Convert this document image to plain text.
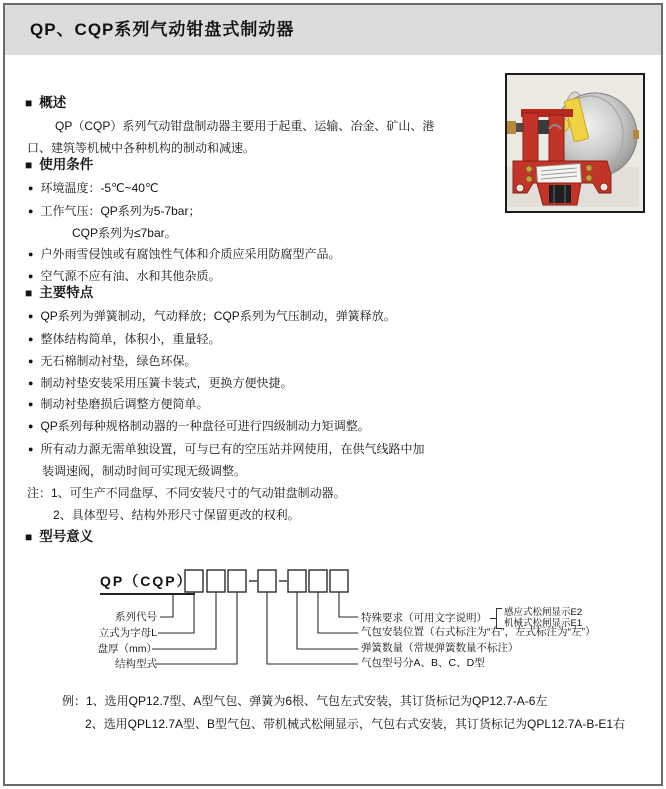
QP、CQP系列气动钳盘式制动器
■ 概述
QP（CQP）系列气动钳盘制动器主要用于起重、运输、冶金、矿山、港
口、建筑等机械中各种机构的制动和减速。
■ 使用条件
● 环境温度：-5℃~40℃
● 工作气压：QP系列为5-7bar；
CQP系列为≤7bar。
● 户外雨雪侵蚀或有腐蚀性气体和介质应采用防腐型产品。
● 空气源不应有油、水和其他杂质。
■ 主要特点
● QP系列为弹簧制动，气动释放；CQP系列为气压制动，弹簧释放。
● 整体结构简单，体积小，重量轻。
● 无石棉制动衬垫，绿色环保。
● 制动衬垫安装采用压簧卡装式，更换方便快捷。
● 制动衬垫磨损后调整方便简单。
● QP系列每种规格制动器的一种盘径可进行四级制动力矩调整。
● 所有动力源无需单独设置，可与已有的空压站并网使用，在供气线路中加
装调速阀，制动时间可实现无级调整。
注：1、可生产不同盘厚、不同安装尺寸的气动钳盘制动器。
2、具体型号、结构外形尺寸保留更改的权利。
■ 型号意义
QP（CQP）
系列代号
立式为字母L
盘厚（mm）
结构型式
特殊要求（可用文字说明） 感应式松闸显示E2
机械式松闸显示E1
气包安装位置（右式标注为“右”，左式标注为“左”）
弹簧数量（常规弹簧数量不标注）
气包型号分A、B、C、D型
例：1、选用QP12.7型、A型气包、弹簧为6根、气包左式安装，其订货标记为QP12.7-A-6左
2、选用QPL12.7A型、B型气包、带机械式松闸显示，气包右式安装，其订货标记为QPL12.7A-B-E1右
